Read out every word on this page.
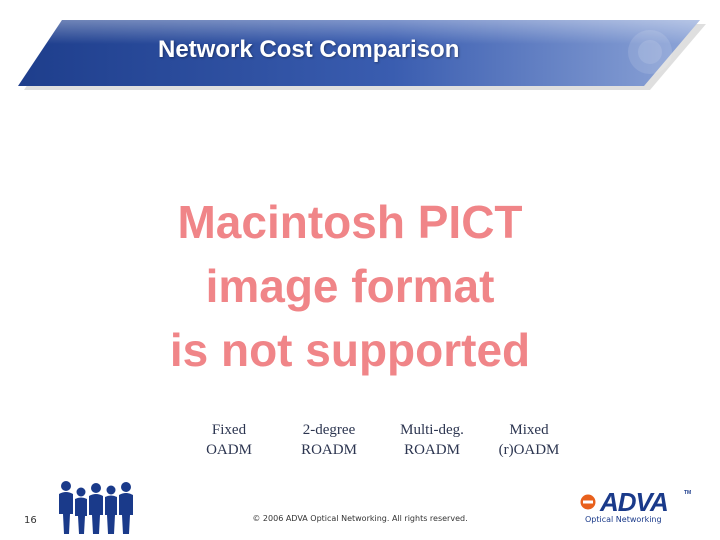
Network Cost Comparison
Macintosh PICT
image format
is not supported
Fixed
OADM
2-degree
ROADM
Multi-deg.
ROADM
Mixed
(r)OADM
16	© 2006 ADVA Optical Networking. All rights reserved.
ADVA	TM
Optical Networking
